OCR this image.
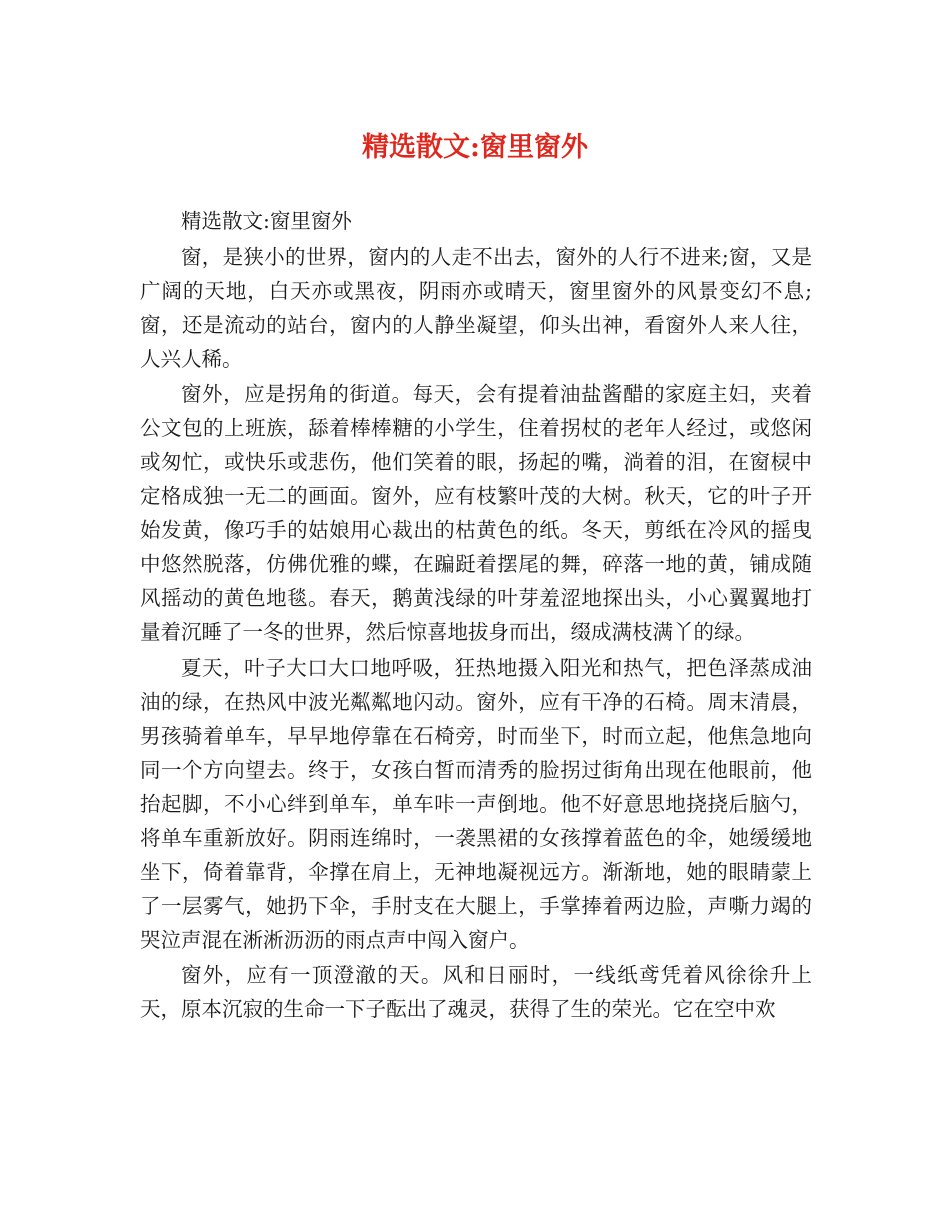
精选散文:窗里窗外

精选散文:窗里窗外

窗，是狭小的世界，窗内的人走不出去，窗外的人行不进来;窗，又是广阔的天地，白天亦或黑夜，阴雨亦或晴天，窗里窗外的风景变幻不息;窗，还是流动的站台，窗内的人静坐凝望，仰头出神，看窗外人来人往，人兴人稀。

窗外，应是拐角的街道。每天，会有提着油盐酱醋的家庭主妇，夹着公文包的上班族，舔着棒棒糖的小学生，住着拐杖的老年人经过，或悠闲或匆忙，或快乐或悲伤，他们笑着的眼，扬起的嘴，淌着的泪，在窗棂中定格成独一无二的画面。窗外，应有枝繁叶茂的大树。秋天，它的叶子开始发黄，像巧手的姑娘用心裁出的枯黄色的纸。冬天，剪纸在冷风的摇曳中悠然脱落，仿佛优雅的蝶，在蹁跹着摆尾的舞，碎落一地的黄，铺成随风摇动的黄色地毯。春天，鹅黄浅绿的叶芽羞涩地探出头，小心翼翼地打量着沉睡了一冬的世界，然后惊喜地拔身而出，缀成满枝满丫的绿。

夏天，叶子大口大口地呼吸，狂热地摄入阳光和热气，把色泽蒸成油油的绿，在热风中波光粼粼地闪动。窗外，应有干净的石椅。周末清晨，男孩骑着单车，早早地停靠在石椅旁，时而坐下，时而立起，他焦急地向同一个方向望去。终于，女孩白皙而清秀的脸拐过街角出现在他眼前，他抬起脚，不小心绊到单车，单车咔一声倒地。他不好意思地挠挠后脑勺，将单车重新放好。阴雨连绵时，一袭黑裙的女孩撑着蓝色的伞，她缓缓地坐下，倚着靠背，伞撑在肩上，无神地凝视远方。渐渐地，她的眼睛蒙上了一层雾气，她扔下伞，手肘支在大腿上，手掌捧着两边脸，声嘶力竭的哭泣声混在淅淅沥沥的雨点声中闯入窗户。

窗外，应有一顶澄澈的天。风和日丽时，一线纸鸢凭着风徐徐升上天，原本沉寂的生命一下子酝出了魂灵，获得了生的荣光。它在空中欢
